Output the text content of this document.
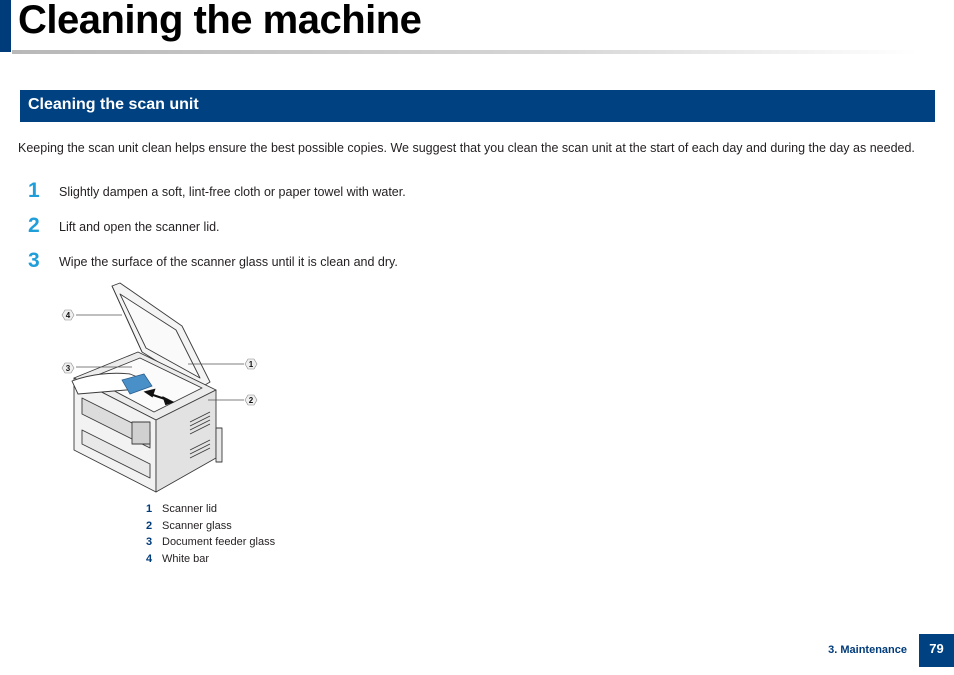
Cleaning the machine
Cleaning the scan unit

Keeping the scan unit clean helps ensure the best possible copies. We suggest that you clean the scan unit at the start of each day and during the day as needed.

1	Slightly dampen a soft, lint-free cloth or paper towel with water.
2	Lift and open the scanner lid.
3	Wipe the surface of the scanner glass until it is clean and dry.
4
3	1
2
1 Scanner lid
2 Scanner glass
3 Document feeder glass
4 White bar
3. Maintenance	79
